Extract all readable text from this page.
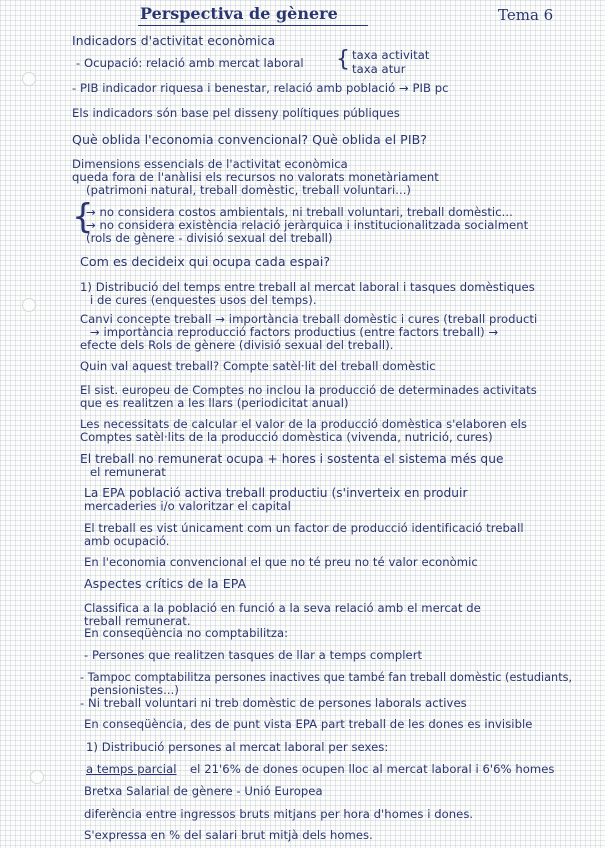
Perspectiva de gènere	Tema 6
Indicadors d'activitat econòmica
- Ocupació: relació amb mercat laboral { taxa activitat
taxa atur
- PIB indicador riquesa i benestar, relació amb població → PIB pc
Els indicadors són base pel disseny polítiques públiques
Què oblida l'economia convencional? Què oblida el PIB?
Dimensions essencials de l'activitat econòmica
queda fora de l'anàlisi els recursos no valorats monetàriament
(patrimoni natural, treball domèstic, treball voluntari...)
{
→ no considera costos ambientals, ni treball voluntari, treball domèstic...
→ no considera existència relació jeràrquica i institucionalitzada socialment
(rols de gènere - divisió sexual del treball)
Com es decideix qui ocupa cada espai?
1) Distribució del temps entre treball al mercat laboral i tasques domèstiques
i de cures (enquestes usos del temps).
Canvi concepte treball → importància treball domèstic i cures (treball producti
→ importància reproducció factors productius (entre factors treball) →
efecte dels Rols de gènere (divisió sexual del treball).
Quin val aquest treball? Compte satèl·lit del treball domèstic
El sist. europeu de Comptes no inclou la producció de determinades activitats
que es realitzen a les llars (periodicitat anual)
Les necessitats de calcular el valor de la producció domèstica s'elaboren els
Comptes satèl·lits de la producció domèstica (vivenda, nutrició, cures)
El treball no remunerat ocupa + hores i sostenta el sistema més que
el remunerat
La EPA població activa treball productiu (s'inverteix en produir
mercaderies i/o valoritzar el capital
El treball es vist únicament com un factor de producció identificació treball
amb ocupació.
En l'economia convencional el que no té preu no té valor econòmic
Aspectes crítics de la EPA
Classifica a la població en funció a la seva relació amb el mercat de
treball remunerat.
En conseqüència no comptabilitza:
- Persones que realitzen tasques de llar a temps complert
- Tampoc comptabilitza persones inactives que també fan treball domèstic (estudiants,
pensionistes...)
- Ni treball voluntari ni treb domèstic de persones laborals actives
En conseqüència, des de punt vista EPA part treball de les dones es invisible
1) Distribució persones al mercat laboral per sexes:
a temps parcial el 21'6% de dones ocupen lloc al mercat laboral i 6'6% homes
Bretxa Salarial de gènere - Unió Europea
diferència entre ingressos bruts mitjans per hora d'homes i dones.
S'expressa en % del salari brut mitjà dels homes.
